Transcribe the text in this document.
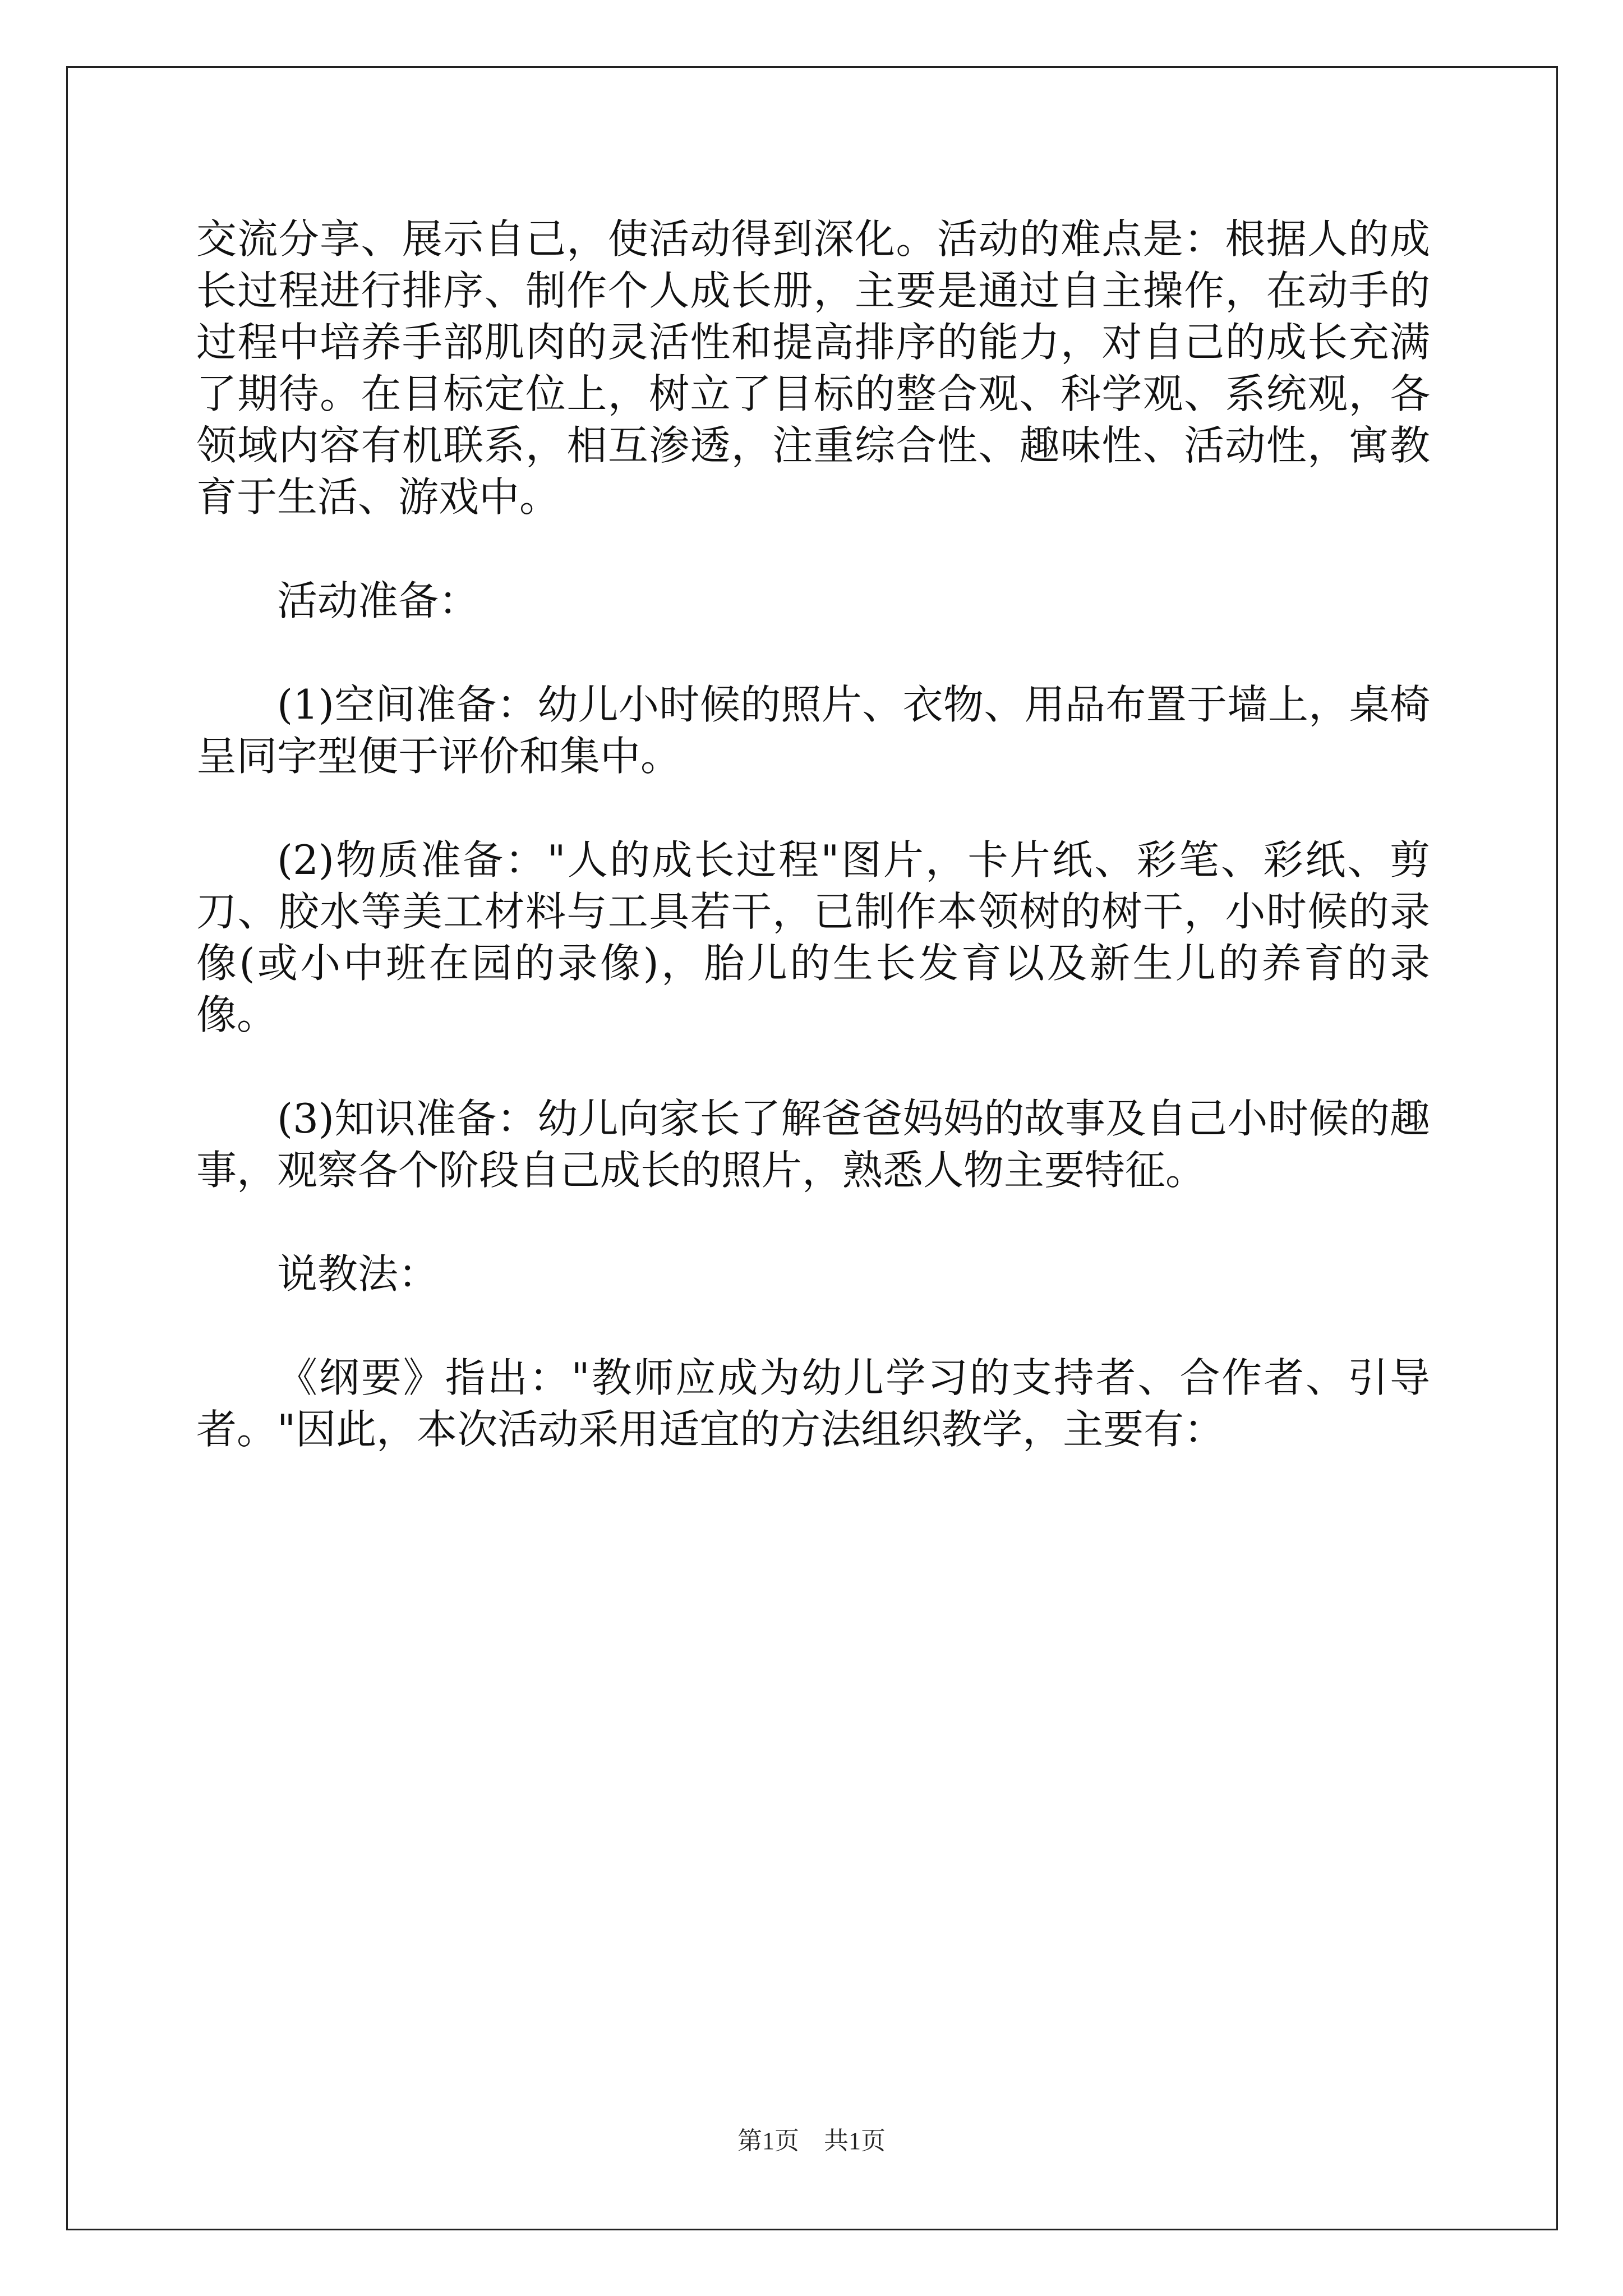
交流分享、展示自己，使活动得到深化。活动的难点是：根据人的成长过程进行排序、制作个人成长册，主要是通过自主操作，在动手的过程中培养手部肌肉的灵活性和提高排序的能力，对自己的成长充满了期待。在目标定位上，树立了目标的整合观、科学观、系统观，各领域内容有机联系，相互渗透，注重综合性、趣味性、活动性，寓教育于生活、游戏中。

活动准备：

(1)空间准备：幼儿小时候的照片、衣物、用品布置于墙上，桌椅呈同字型便于评价和集中。

(2)物质准备："人的成长过程"图片，卡片纸、彩笔、彩纸、剪刀、胶水等美工材料与工具若干，已制作本领树的树干，小时候的录像(或小中班在园的录像)，胎儿的生长发育以及新生儿的养育的录像。

(3)知识准备：幼儿向家长了解爸爸妈妈的故事及自己小时候的趣事，观察各个阶段自己成长的照片，熟悉人物主要特征。

说教法：

《纲要》指出："教师应成为幼儿学习的支持者、合作者、引导者。"因此，本次活动采用适宜的方法组织教学，主要有：

第1页　共1页
